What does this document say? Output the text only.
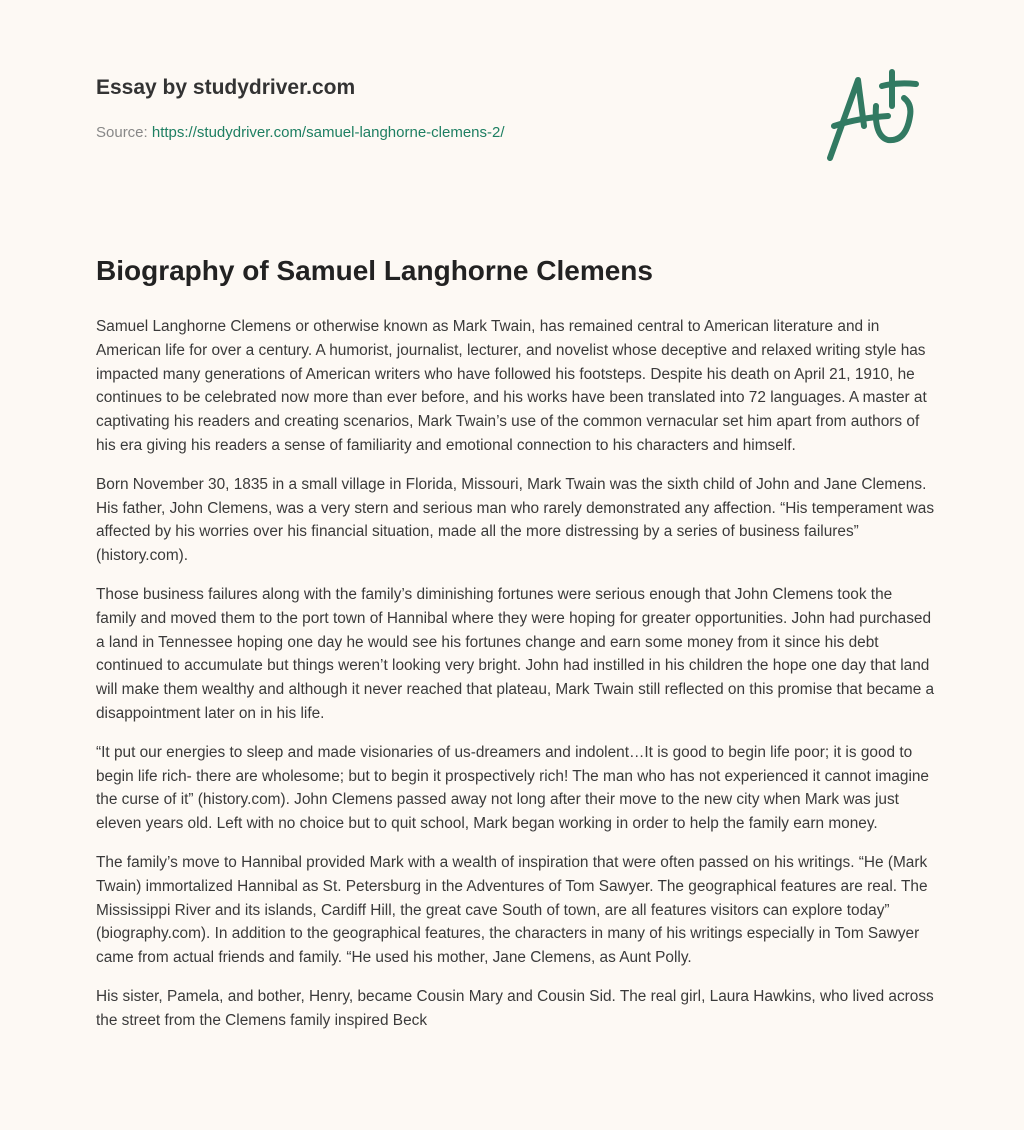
Essay by studydriver.com
Source: https://studydriver.com/samuel-langhorne-clemens-2/
Biography of Samuel Langhorne Clemens

Samuel Langhorne Clemens or otherwise known as Mark Twain, has remained central to American literature and in American life for over a century. A humorist, journalist, lecturer, and novelist whose deceptive and relaxed writing style has impacted many generations of American writers who have followed his footsteps. Despite his death on April 21, 1910, he continues to be celebrated now more than ever before, and his works have been translated into 72 languages. A master at captivating his readers and creating scenarios, Mark Twain’s use of the common vernacular set him apart from authors of his era giving his readers a sense of familiarity and emotional connection to his characters and himself.

Born November 30, 1835 in a small village in Florida, Missouri, Mark Twain was the sixth child of John and Jane Clemens. His father, John Clemens, was a very stern and serious man who rarely demonstrated any affection. “His temperament was affected by his worries over his financial situation, made all the more distressing by a series of business failures” (history.com).

Those business failures along with the family’s diminishing fortunes were serious enough that John Clemens took the family and moved them to the port town of Hannibal where they were hoping for greater opportunities. John had purchased a land in Tennessee hoping one day he would see his fortunes change and earn some money from it since his debt continued to accumulate but things weren’t looking very bright. John had instilled in his children the hope one day that land will make them wealthy and although it never reached that plateau, Mark Twain still reflected on this promise that became a disappointment later on in his life.

“It put our energies to sleep and made visionaries of us-dreamers and indolent…It is good to begin life poor; it is good to begin life rich- there are wholesome; but to begin it prospectively rich! The man who has not experienced it cannot imagine the curse of it” (history.com). John Clemens passed away not long after their move to the new city when Mark was just eleven years old. Left with no choice but to quit school, Mark began working in order to help the family earn money.

The family’s move to Hannibal provided Mark with a wealth of inspiration that were often passed on his writings. “He (Mark Twain) immortalized Hannibal as St. Petersburg in the Adventures of Tom Sawyer. The geographical features are real. The Mississippi River and its islands, Cardiff Hill, the great cave South of town, are all features visitors can explore today” (biography.com). In addition to the geographical features, the characters in many of his writings especially in Tom Sawyer came from actual friends and family. “He used his mother, Jane Clemens, as Aunt Polly.

His sister, Pamela, and bother, Henry, became Cousin Mary and Cousin Sid. The real girl, Laura Hawkins, who lived across the street from the Clemens family inspired Beck
